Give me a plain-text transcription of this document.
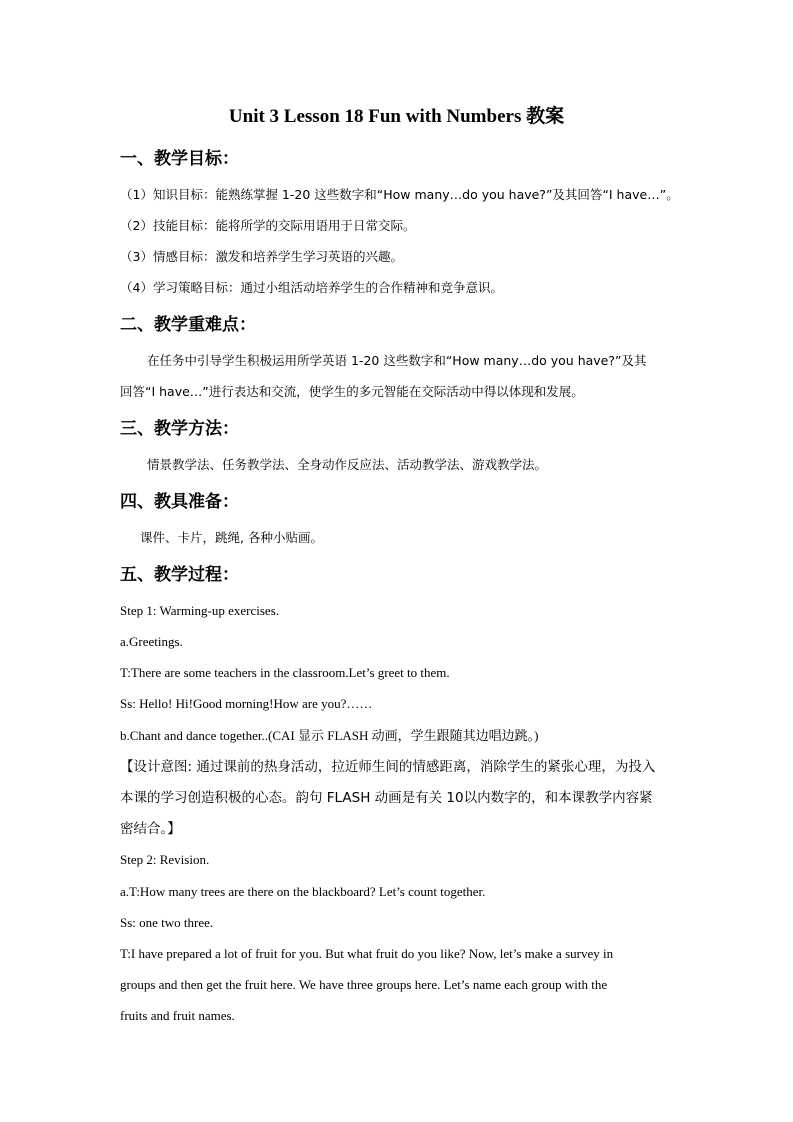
Unit 3 Lesson 18 Fun with Numbers 教案
一、教学目标：
（1）知识目标：能熟练掌握 1-20 这些数字和“How many…do you have?”及其回答“I have…”。
（2）技能目标：能将所学的交际用语用于日常交际。
（3）情感目标：激发和培养学生学习英语的兴趣。
（4）学习策略目标：通过小组活动培养学生的合作精神和竞争意识。
二、教学重难点：
在任务中引导学生积极运用所学英语 1-20 这些数字和“How many…do you have?”及其
回答“I have…”进行表达和交流，使学生的多元智能在交际活动中得以体现和发展。
三、教学方法：
情景教学法、任务教学法、全身动作反应法、活动教学法、游戏教学法。
四、教具准备：
课件、卡片，跳绳, 各种小贴画。
五、教学过程：
Step 1: Warming-up exercises.
a.Greetings.
T:There are some teachers in the classroom.Let’s greet to them.
Ss: Hello! Hi!Good morning!How are you?……
b.Chant and dance together..(CAI 显示 FLASH 动画，学生跟随其边唱边跳。)
【设计意图: 通过课前的热身活动，拉近师生间的情感距离，消除学生的紧张心理，为投入
本课的学习创造积极的心态。韵句 FLASH 动画是有关 10以内数字的，和本课教学内容紧
密结合。】
Step 2: Revision.
a.T:How many trees are there on the blackboard? Let’s count together.
Ss: one two three.
T:I have prepared a lot of fruit for you. But what fruit do you like? Now, let’s make a survey in
groups and then get the fruit here. We have three groups here. Let’s name each group with the
fruits and fruit names.
